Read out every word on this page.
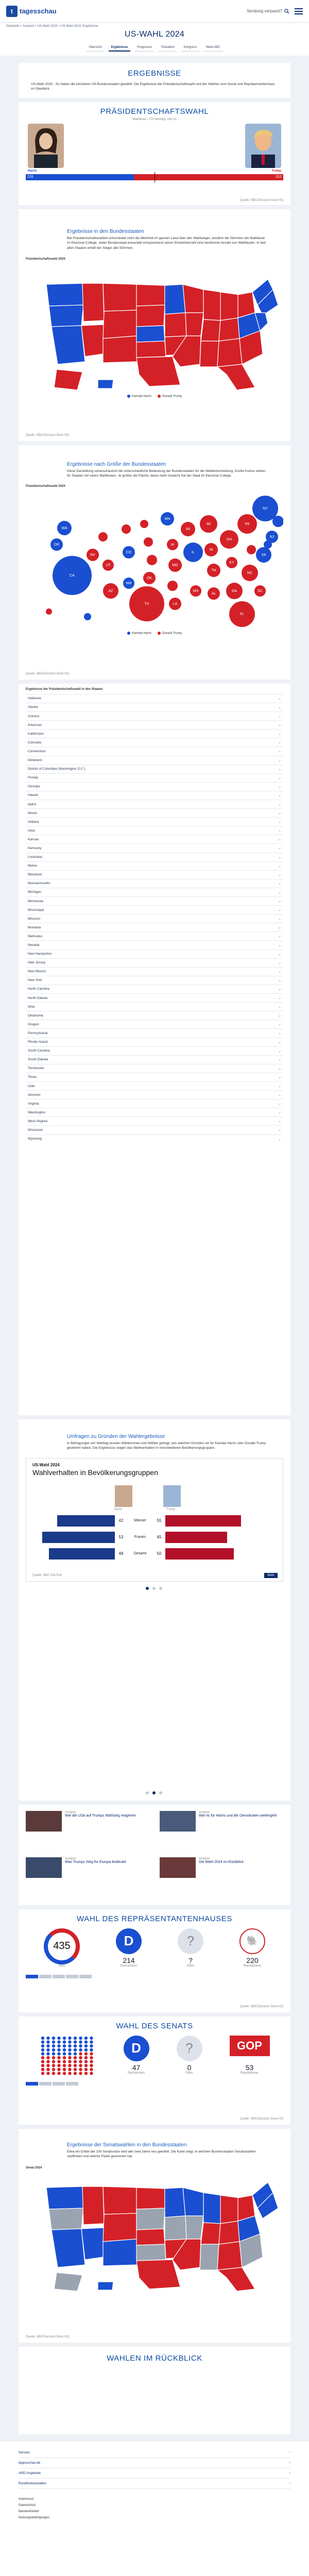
t	tagesschau	Sendung verpasst?
Startseite > Ausland > US-Wahl 2024 > US-Wahl 2024: Ergebnisse
US-WAHL 2024
Übersicht	Ergebnisse	Prognosen	Präsident	Kongress	Wahl-ABC
ERGEBNISSE
US-Wahl 2024 - So haben die einzelnen US-Bundesstaaten gewählt. Die Ergebnisse der Präsidentschaftswahl und der Wahlen zum Senat und Repräsentantenhaus im Überblick.
PRÄSIDENTSCHAFTSWAHL
Wahlleute / 270 benötigt. Alle 51
Harris	Trump
226	312
Quelle: NBC/Decision Desk HQ
Ergebnisse in den Bundesstaaten
Bei Präsidentschaftswahlen entscheidet nicht die Mehrheit im ganzen Land über den Wahlsieger, sondern die Stimmen der Wahlleute im Electoral College. Jeder Bundesstaat entsendet entsprechend seiner Einwohnerzahl eine bestimmte Anzahl von Wahlleuten. In fast allen Staaten erhält der Sieger alle Stimmen.
Präsidentschaftswahl 2024
Kamala Harris	Donald Trump
Quelle: NBC/Decision Desk HQ
Ergebnisse nach Größe der Bundesstaaten
Diese Darstellung veranschaulicht die unterschiedliche Bedeutung der Bundesstaaten für die Wahlentscheidung. Große Kreise stehen für Staaten mit vielen Wahlleuten. Je größer die Fläche, desto mehr Gewicht hat der Staat im Electoral College.
Präsidentschaftswahl 2024
CA
OR
WA
NV
UT
AZ
CO
NM
OK
TX
MN
IA
MO
LA
WI
IL
MS
MI
IN
TN
AL
OH
KY
GA
FL
PA
NC
SC
VA
NY
NJ
Kamala Harris	Donald Trump
Quelle: NBC/Decision Desk HQ
Ergebnisse der Präsidentschaftswahl in den Staaten
Alabama	⌄
Alaska	⌄
Arizona	⌄
Arkansas	⌄
Kalifornien	⌄
Colorado	⌄
Connecticut	⌄
Delaware	⌄
District of Columbia (Washington D.C.)	⌄
Florida	⌄
Georgia	⌄
Hawaii	⌄
Idaho	⌄
Illinois	⌄
Indiana	⌄
Iowa	⌄
Kansas	⌄
Kentucky	⌄
Louisiana	⌄
Maine	⌄
Maryland	⌄
Massachusetts	⌄
Michigan	⌄
Minnesota	⌄
Mississippi	⌄
Missouri	⌄
Montana	⌄
Nebraska	⌄
Nevada	⌄
New Hampshire	⌄
New Jersey	⌄
New Mexico	⌄
New York	⌄
North Carolina	⌄
North Dakota	⌄
Ohio	⌄
Oklahoma	⌄
Oregon	⌄
Pennsylvania	⌄
Rhode Island	⌄
South Carolina	⌄
South Dakota	⌄
Tennessee	⌄
Texas	⌄
Utah	⌄
Vermont	⌄
Virginia	⌄
Washington	⌄
West Virginia	⌄
Wisconsin	⌄
Wyoming	⌄
Umfragen zu Gründen der Wahlergebnisse
In Befragungen am Wahltag wurden Wählerinnen und Wähler gefragt, aus welchen Gründen sie für Kamala Harris oder Donald Trump gestimmt haben. Die Ergebnisse zeigen das Wahlverhalten in verschiedenen Bevölkerungsgruppen.
US-Wahl 2024
Wahlverhalten in Bevölkerungsgruppen
Harris	Trump
42	Männer	55
53	Frauen	45
48	Gesamt	50
Quelle: NBC Exit Poll	Mehr
Analyse
Wie die USA auf Trumps Wahlsieg reagieren
Analyse
Wie es für Harris und die Demokraten weitergeht
Analyse
Was Trumps Sieg für Europa bedeutet
Analyse
Die Wahl 2024 im Rückblick
WAHL DES REPRÄSENTANTENHAUSES
435
Sitze
D
214
Demokraten
?
?
Offen
🐘
220
Republikaner
Quelle: NBC/Decision Desk HQ
WAHL DES SENATS
D
47
Demokraten
?
0
Offen
GOP
53
Republikaner
Quelle: NBC/Decision Desk HQ
Ergebnisse der Senatswahlen in den Bundesstaaten
Etwa ein Drittel der 100 Senatssitze wird alle zwei Jahre neu gewählt. Die Karte zeigt, in welchen Bundesstaaten Senatswahlen stattfinden und welche Partei gewonnen hat.
Senat 2024
Quelle: NBC/Decision Desk HQ
WAHLEN IM RÜCKBLICK
Service	›
tagesschau.de	›
ARD Angebote	›
Rundfunkanstalten	›
Impressum
Datenschutz
Barrierefreiheit
Nutzungsbedingungen
